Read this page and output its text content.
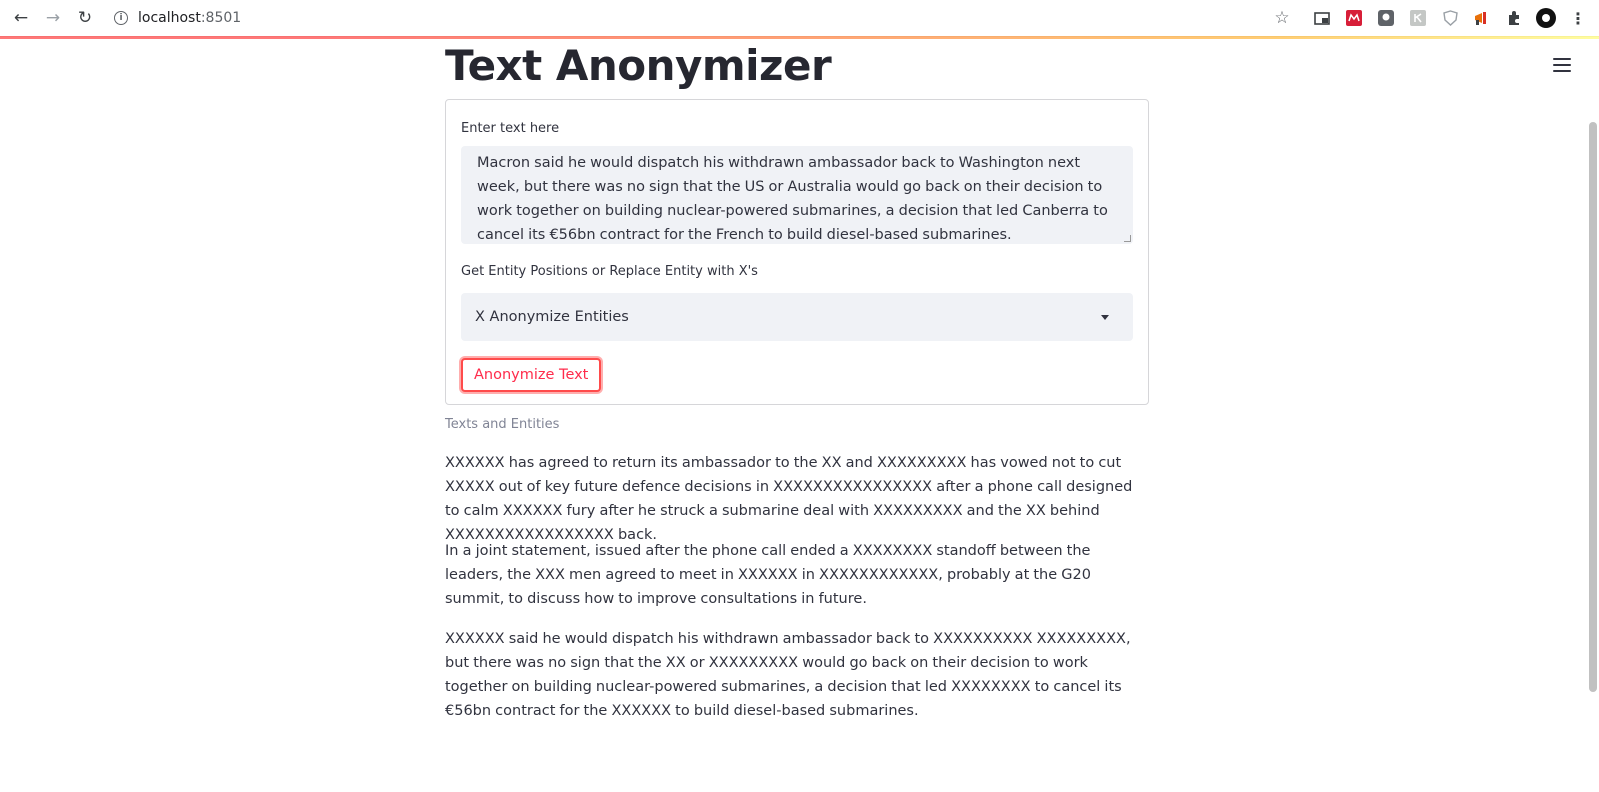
← → ↻	i	localhost:8501	☆	⋮
Text Anonymizer
Enter text here
Macron said he would dispatch his withdrawn ambassador back to Washington next week, but there was no sign that the US or Australia would go back on their decision to work together on building nuclear-powered submarines, a decision that led Canberra to cancel its €56bn contract for the French to build diesel-based submarines.
Get Entity Positions or Replace Entity with X's
X Anonymize Entities
Anonymize Text
Texts and Entities

XXXXXX has agreed to return its ambassador to the XX and XXXXXXXXX has vowed not to cut XXXXX out of key future defence decisions in XXXXXXXXXXXXXXXX after a phone call designed to calm XXXXXX fury after he struck a submarine deal with XXXXXXXXX and the XX behind XXXXXXXXXXXXXXXXX back.

In a joint statement, issued after the phone call ended a XXXXXXXX standoff between the leaders, the XXX men agreed to meet in XXXXXX in XXXXXXXXXXXX, probably at the G20 summit, to discuss how to improve consultations in future.

XXXXXX said he would dispatch his withdrawn ambassador back to XXXXXXXXXX XXXXXXXXX, but there was no sign that the XX or XXXXXXXXX would go back on their decision to work together on building nuclear-powered submarines, a decision that led XXXXXXXX to cancel its €56bn contract for the XXXXXX to build diesel-based submarines.
